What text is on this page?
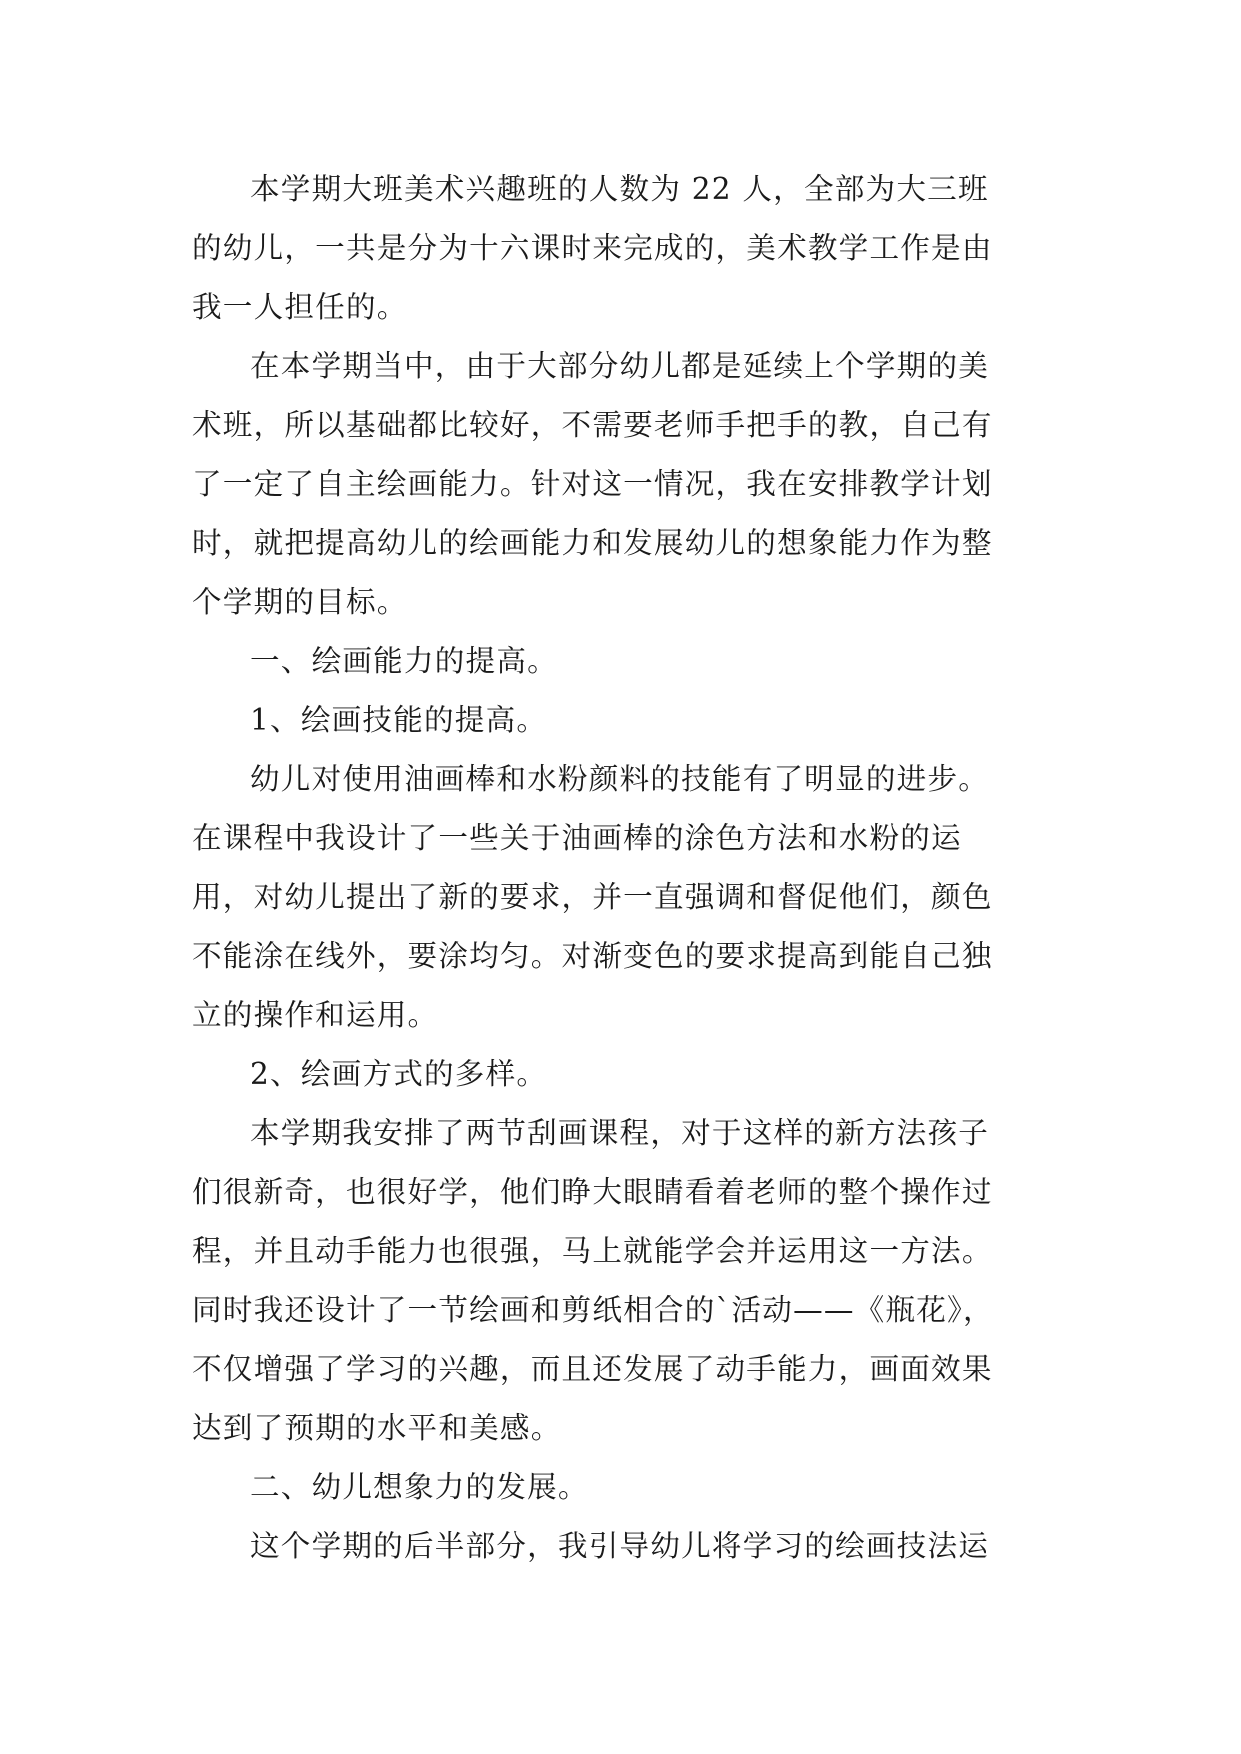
本学期大班美术兴趣班的人数为 22 人，全部为大三班
的幼儿，一共是分为十六课时来完成的，美术教学工作是由
我一人担任的。
在本学期当中，由于大部分幼儿都是延续上个学期的美
术班，所以基础都比较好，不需要老师手把手的教，自己有
了一定了自主绘画能力。针对这一情况，我在安排教学计划
时，就把提高幼儿的绘画能力和发展幼儿的想象能力作为整
个学期的目标。
一、绘画能力的提高。
1、绘画技能的提高。
幼儿对使用油画棒和水粉颜料的技能有了明显的进步。
在课程中我设计了一些关于油画棒的涂色方法和水粉的运
用，对幼儿提出了新的要求，并一直强调和督促他们，颜色
不能涂在线外，要涂均匀。对渐变色的要求提高到能自己独
立的操作和运用。
2、绘画方式的多样。
本学期我安排了两节刮画课程，对于这样的新方法孩子
们很新奇，也很好学，他们睁大眼睛看着老师的整个操作过
程，并且动手能力也很强，马上就能学会并运用这一方法。
同时我还设计了一节绘画和剪纸相合的`活动——《瓶花》，
不仅增强了学习的兴趣，而且还发展了动手能力，画面效果
达到了预期的水平和美感。
二、幼儿想象力的发展。
这个学期的后半部分，我引导幼儿将学习的绘画技法运
